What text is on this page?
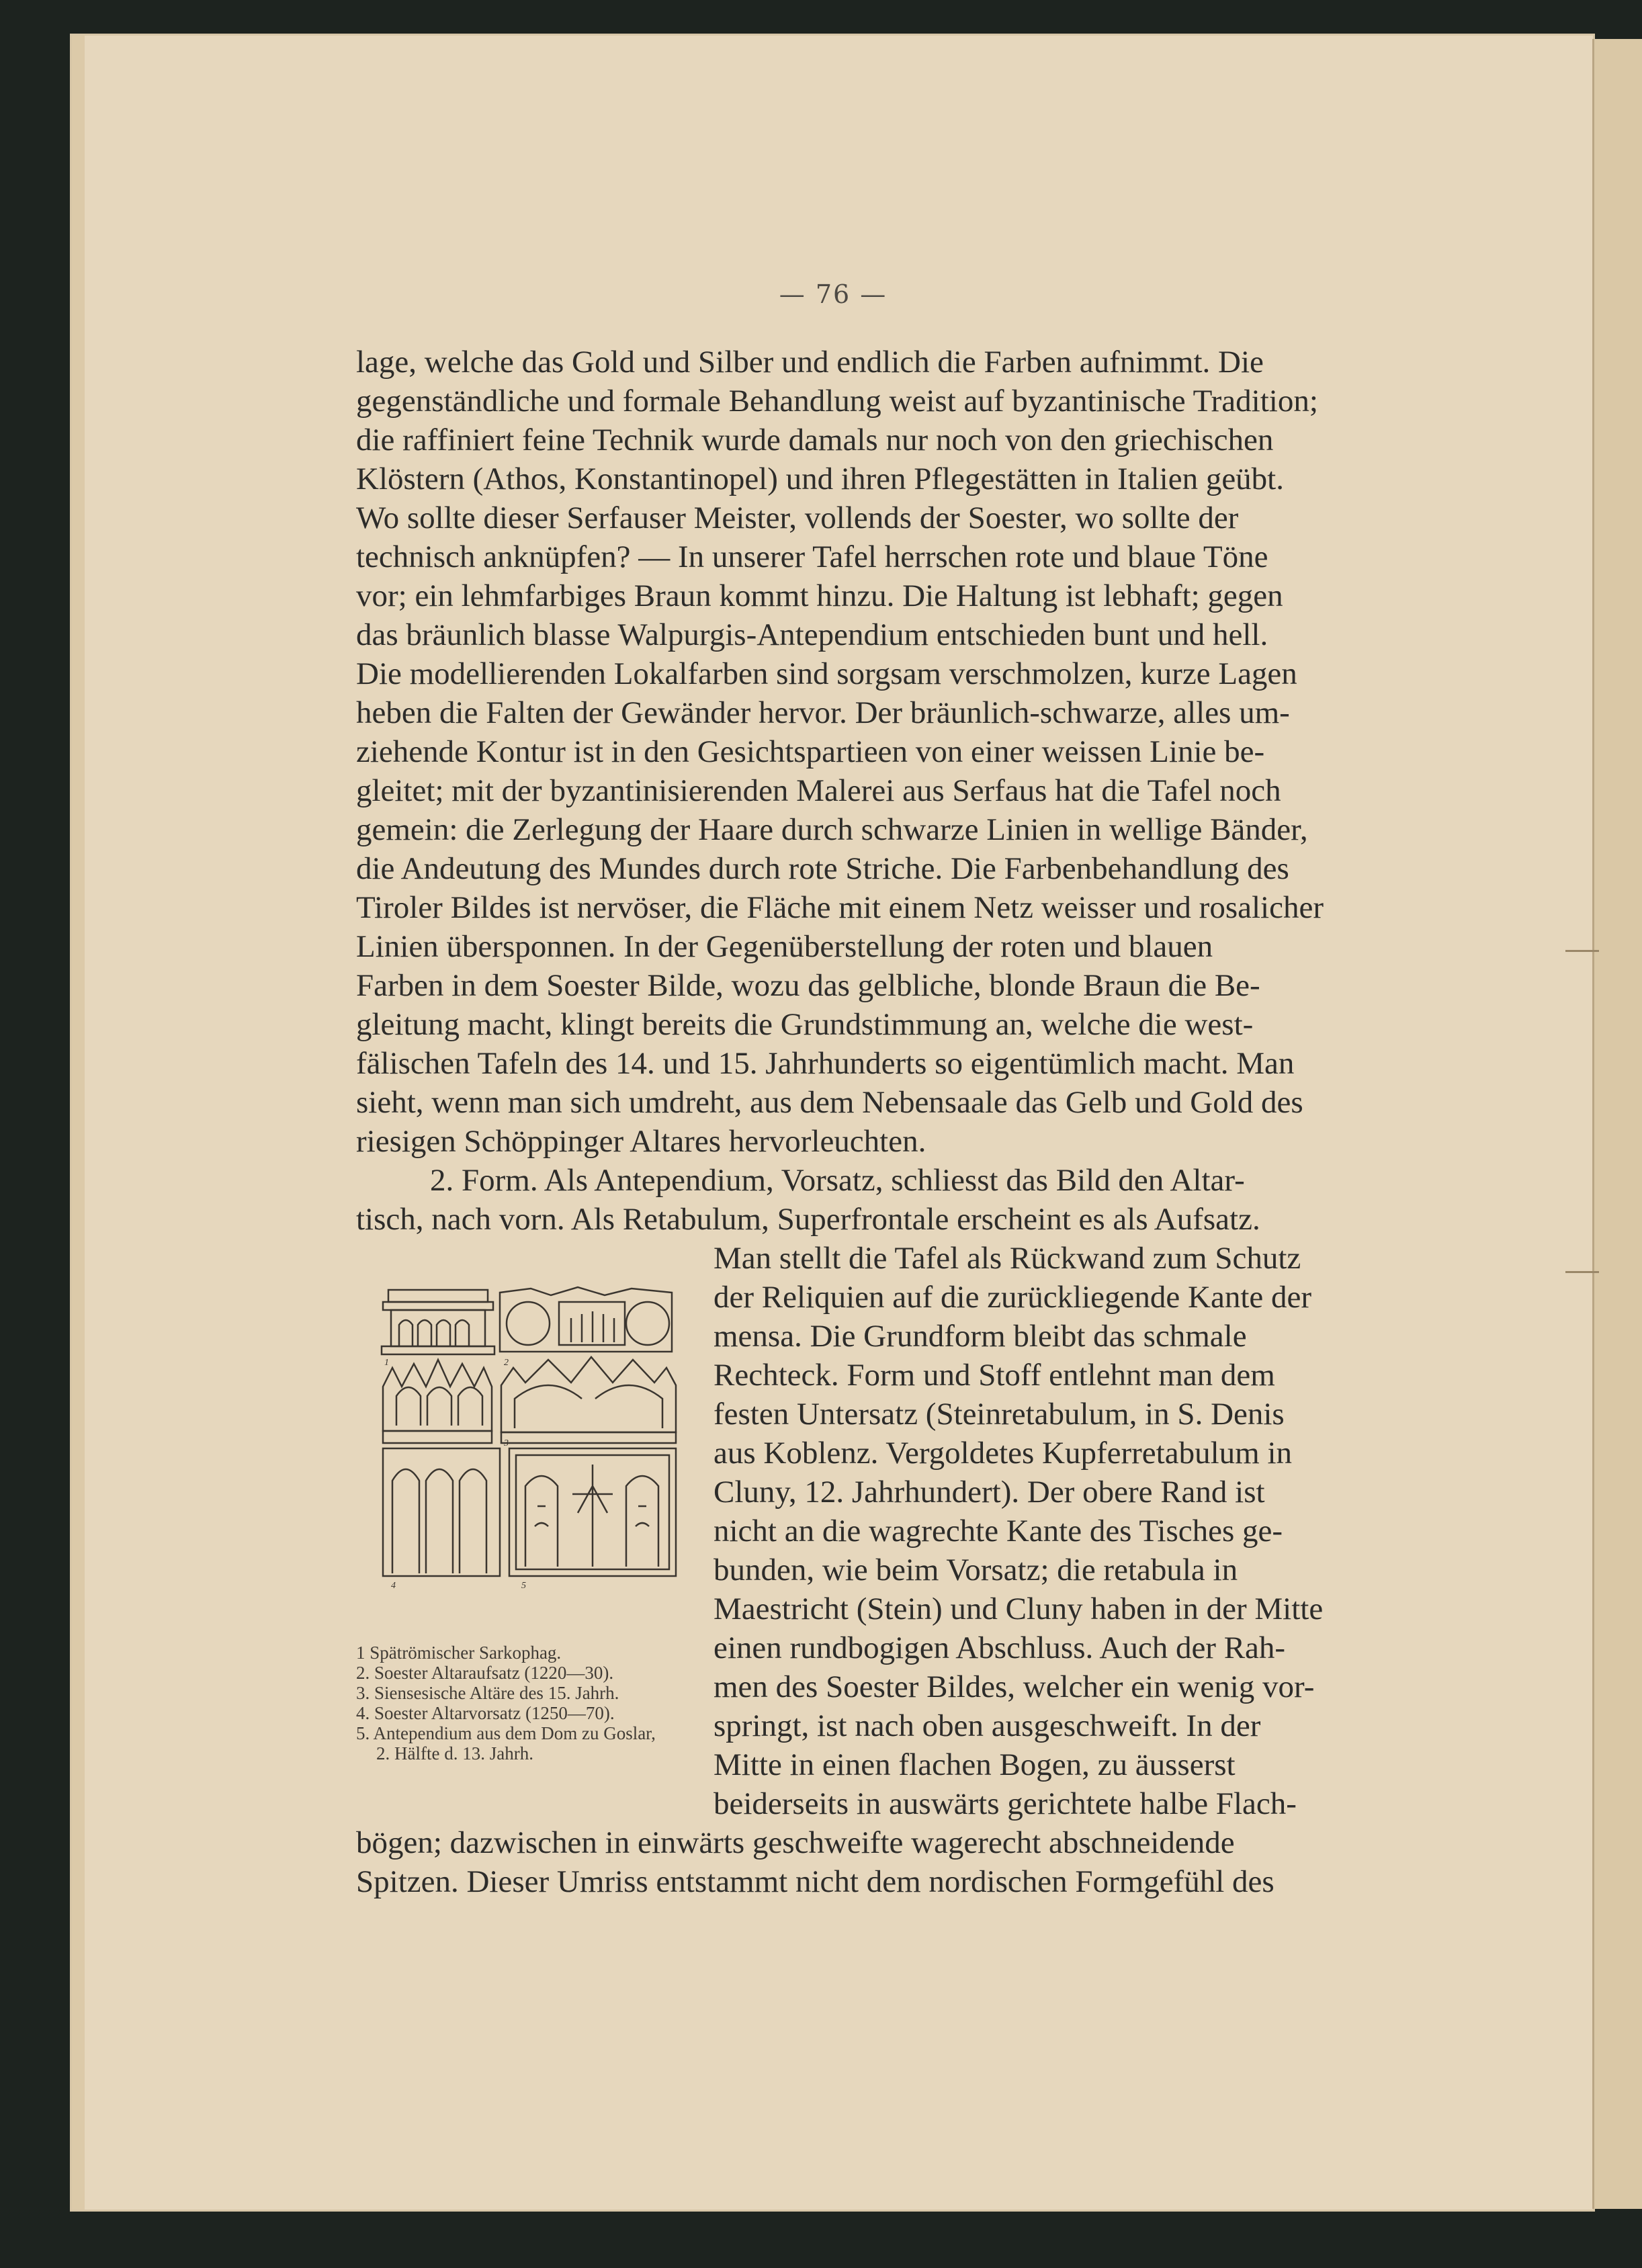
— 76 —
lage, welche das Gold und Silber und endlich die Farben aufnimmt. Die
gegenständliche und formale Behandlung weist auf byzantinische Tradition;
die raffiniert feine Technik wurde damals nur noch von den griechischen
Klöstern (Athos, Konstantinopel) und ihren Pflegestätten in Italien geübt.
Wo sollte dieser Serfauser Meister, vollends der Soester, wo sollte der
technisch anknüpfen? — In unserer Tafel herrschen rote und blaue Töne
vor; ein lehmfarbiges Braun kommt hinzu. Die Haltung ist lebhaft; gegen
das bräunlich blasse Walpurgis-Antependium entschieden bunt und hell.
Die modellierenden Lokalfarben sind sorgsam verschmolzen, kurze Lagen
heben die Falten der Gewänder hervor. Der bräunlich-schwarze, alles um-
ziehende Kontur ist in den Gesichtspartieen von einer weissen Linie be-
gleitet; mit der byzantinisierenden Malerei aus Serfaus hat die Tafel noch
gemein: die Zerlegung der Haare durch schwarze Linien in wellige Bänder,
die Andeutung des Mundes durch rote Striche. Die Farbenbehandlung des
Tiroler Bildes ist nervöser, die Fläche mit einem Netz weisser und rosalicher
Linien übersponnen. In der Gegenüberstellung der roten und blauen
Farben in dem Soester Bilde, wozu das gelbliche, blonde Braun die Be-
gleitung macht, klingt bereits die Grundstimmung an, welche die west-
fälischen Tafeln des 14. und 15. Jahrhunderts so eigentümlich macht. Man
sieht, wenn man sich umdreht, aus dem Nebensaale das Gelb und Gold des
riesigen Schöppinger Altares hervorleuchten.
2. Form. Als Antependium, Vorsatz, schliesst das Bild den Altar-
tisch, nach vorn. Als Retabulum, Superfrontale erscheint es als Aufsatz.
Man stellt die Tafel als Rückwand zum Schutz
der Reliquien auf die zurückliegende Kante der
mensa. Die Grundform bleibt das schmale
Rechteck. Form und Stoff entlehnt man dem
festen Untersatz (Steinretabulum, in S. Denis
aus Koblenz. Vergoldetes Kupferretabulum in
Cluny, 12. Jahrhundert). Der obere Rand ist
nicht an die wagrechte Kante des Tisches ge-
bunden, wie beim Vorsatz; die retabula in
Maestricht (Stein) und Cluny haben in der Mitte
einen rundbogigen Abschluss. Auch der Rah-
men des Soester Bildes, welcher ein wenig vor-
springt, ist nach oben ausgeschweift. In der
Mitte in einen flachen Bogen, zu äusserst
beiderseits in auswärts gerichtete halbe Flach-
bögen; dazwischen in einwärts geschweifte wagerecht abschneidende
Spitzen. Dieser Umriss entstammt nicht dem nordischen Formgefühl des
1	2
3
4	5
1 Spätrömischer Sarkophag.
2. Soester Altaraufsatz (1220—30).
3. Siensesische Altäre des 15. Jahrh.
4. Soester Altarvorsatz (1250—70).
5. Antependium aus dem Dom zu Goslar,
2. Hälfte d. 13. Jahrh.
